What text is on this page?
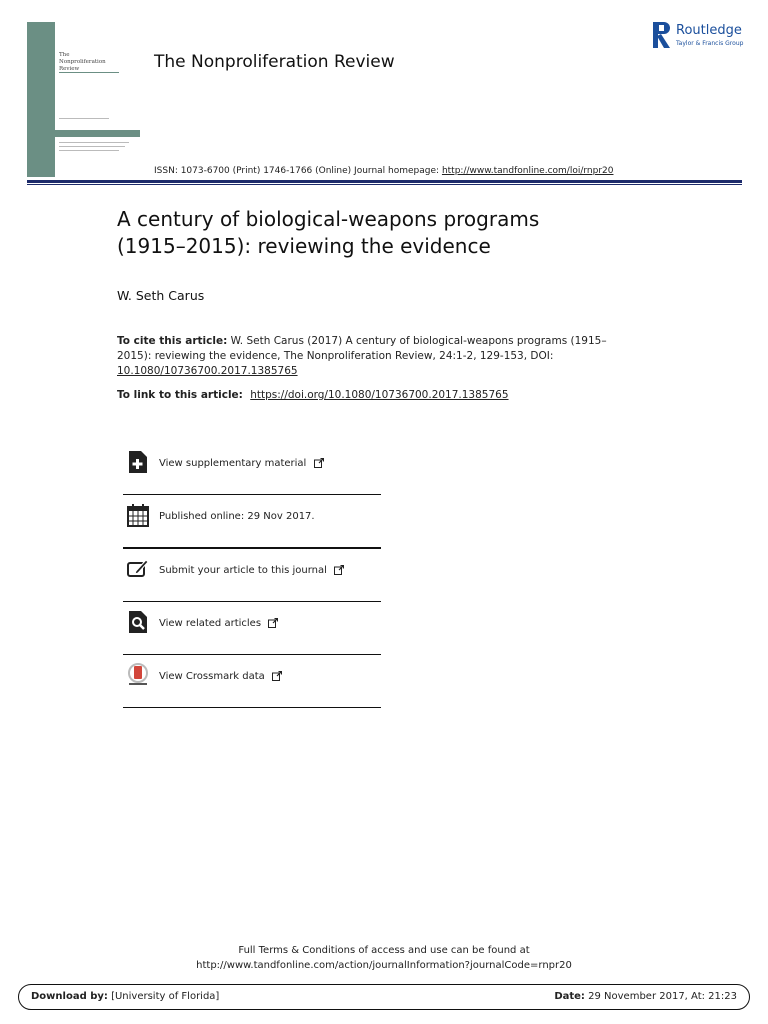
The
Nonproliferation
Review	The Nonproliferation Review
Routledge
Taylor & Francis Group
ISSN: 1073-6700 (Print) 1746-1766 (Online) Journal homepage: http://www.tandfonline.com/loi/rnpr20
A century of biological-weapons programs
(1915–2015): reviewing the evidence
W. Seth Carus
To cite this article: W. Seth Carus (2017) A century of biological-weapons programs (1915–2015): reviewing the evidence, The Nonproliferation Review, 24:1-2, 129-153, DOI: 10.1080/10736700.2017.1385765
To link to this article: https://doi.org/10.1080/10736700.2017.1385765
View supplementary material
Published online: 29 Nov 2017.
Submit your article to this journal
View related articles
View Crossmark data
Full Terms & Conditions of access and use can be found at
http://www.tandfonline.com/action/journalInformation?journalCode=rnpr20
Download by: [University of Florida]	Date: 29 November 2017, At: 21:23
